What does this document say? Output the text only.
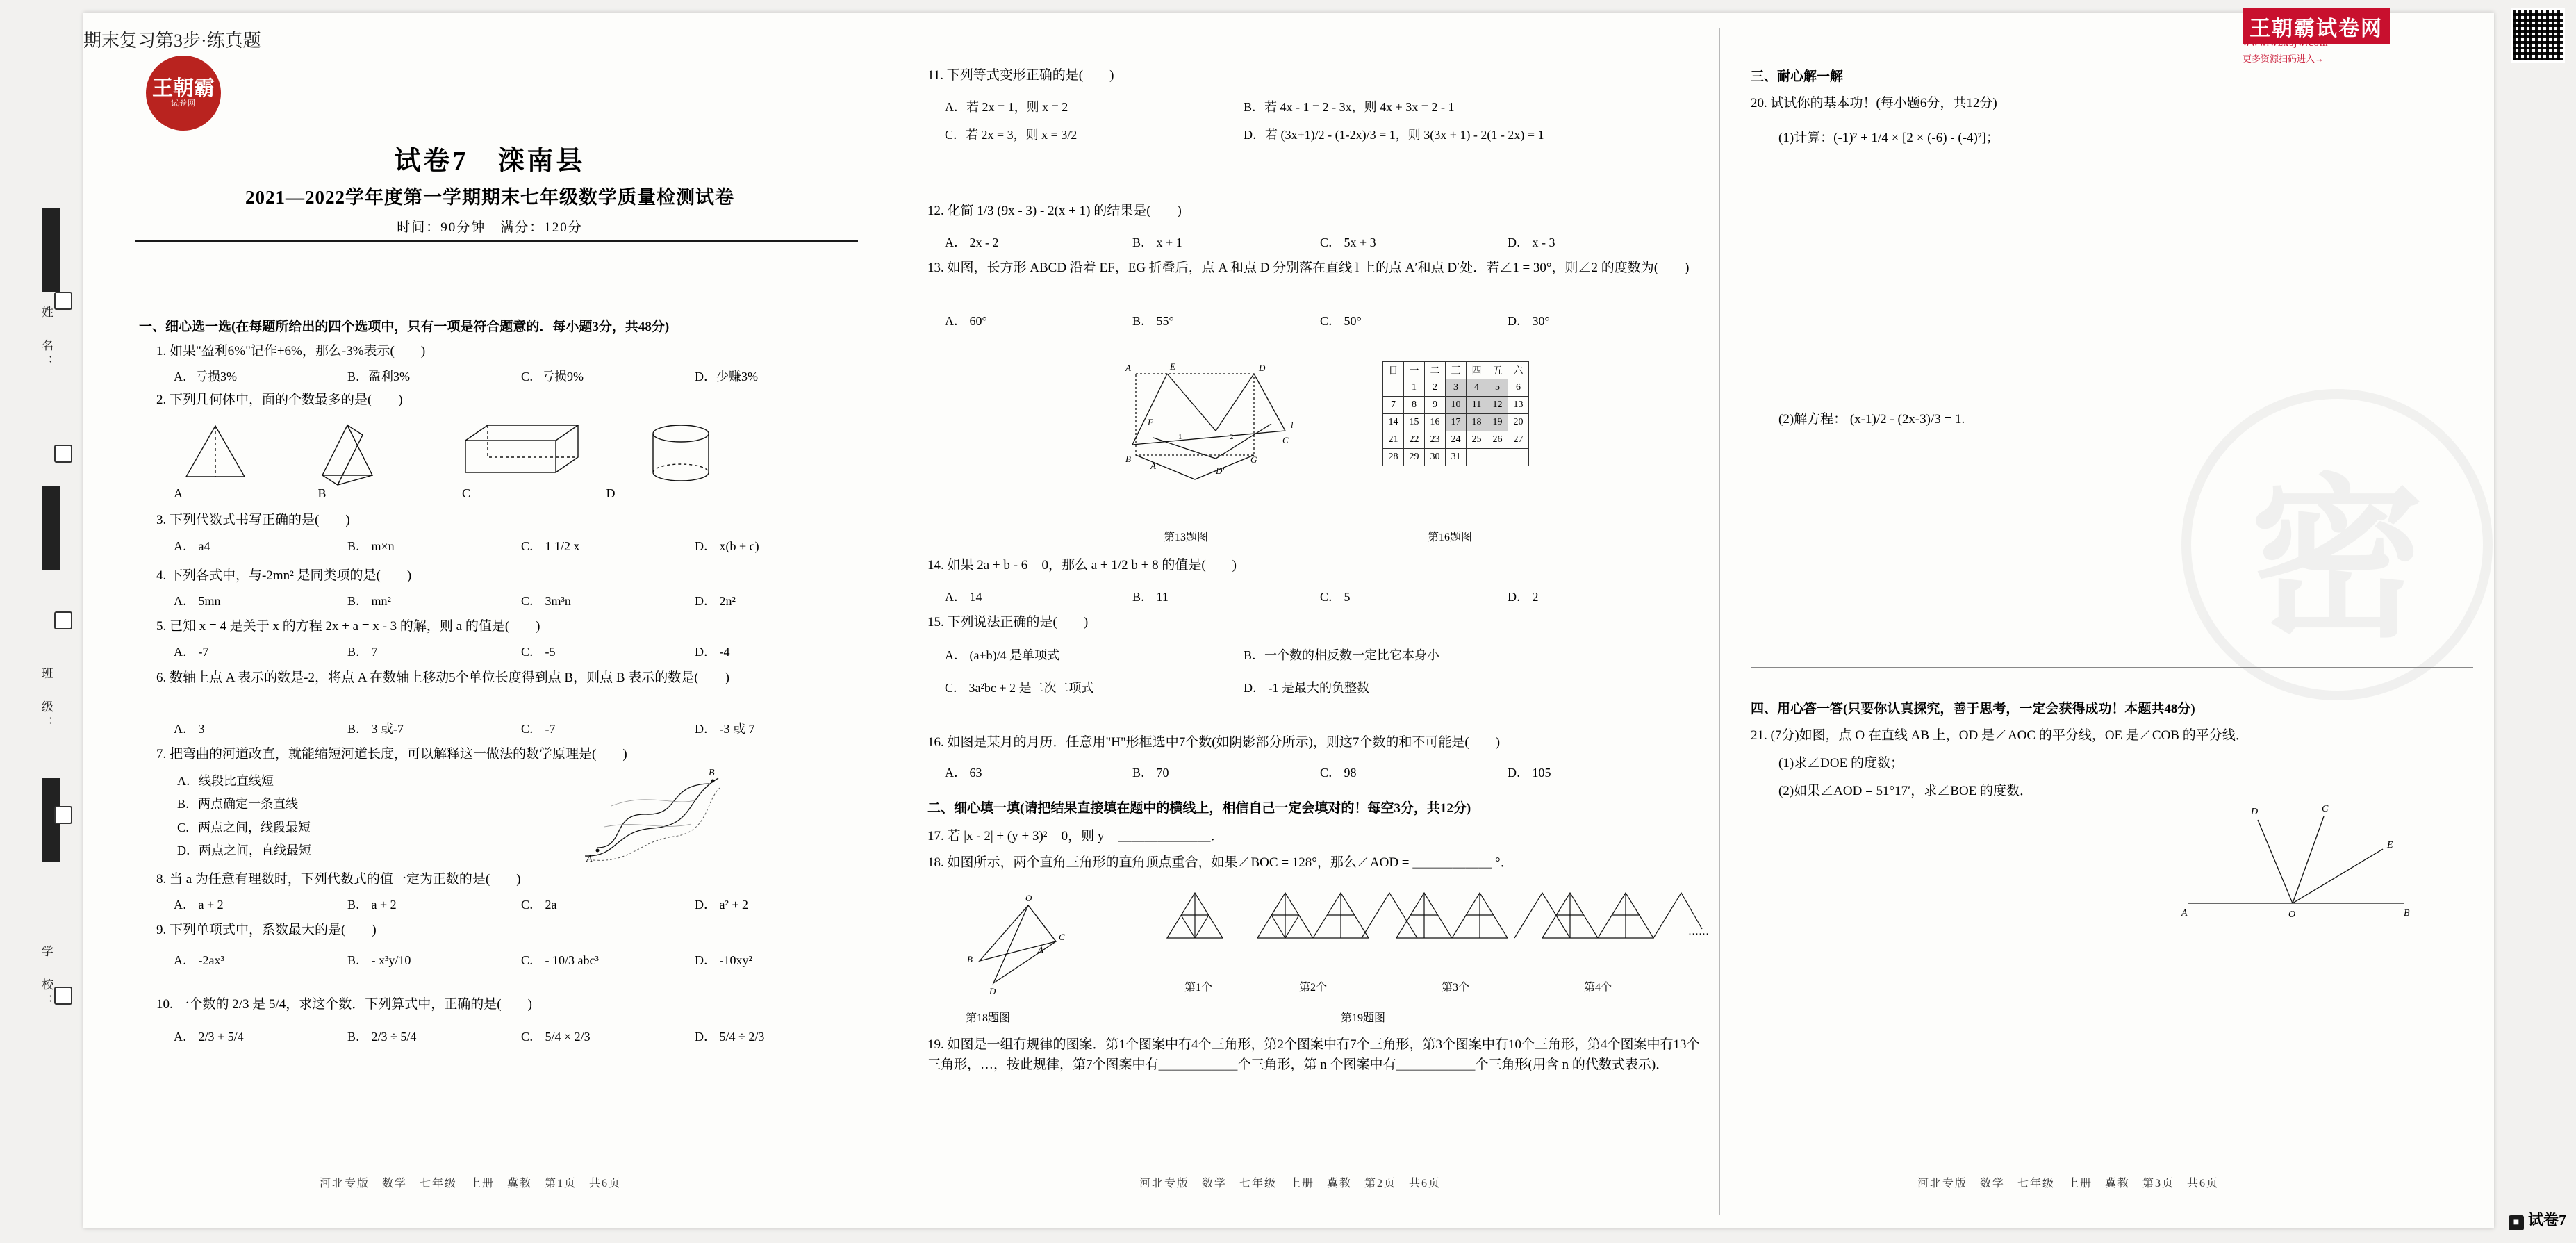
姓 名：
班 级：
学 校：
王朝霸试卷网
www.wzxsjw.com
更多资源扫码进入→
王朝霸
试卷网
期末复习第3步·练真题
试卷7　滦南县
2021—2022学年度第一学期期末七年级数学质量检测试卷
时间：90分钟　满分：120分
一、细心选一选(在每题所给出的四个选项中，只有一项是符合题意的．每小题3分，共48分)
1. 如果"盈利6%"记作+6%，那么-3%表示(　　)
A．亏损3%	B．盈利3%	C．亏损9%	D．少赚3%
2. 下列几何体中，面的个数最多的是(　　)
A	B	C	D
3. 下列代数式书写正确的是(　　)
A． a4	B． m×n	C． 1 1/2 x	D． x(b + c)
4. 下列各式中，与-2mn² 是同类项的是(　　)
A． 5mn	B． mn²	C． 3m³n	D． 2n²
5. 已知 x = 4 是关于 x 的方程 2x + a = x - 3 的解，则 a 的值是(　　)
A． -7	B． 7	C． -5	D． -4
6. 数轴上点 A 表示的数是-2，将点 A 在数轴上移动5个单位长度得到点 B，则点 B 表示的数是(　　)
A． 3	B． 3 或-7	C． -7	D． -3 或 7
7. 把弯曲的河道改直，就能缩短河道长度，可以解释这一做法的数学原理是(　　)
A．线段比直线短
B．两点确定一条直线
C．两点之间，线段最短
D．两点之间，直线最短
B
A
8. 当 a 为任意有理数时，下列代数式的值一定为正数的是(　　)
A． a + 2	B． a + 2	C． 2a	D． a² + 2
9. 下列单项式中，系数最大的是(　　)
A． -2ax³	B． - x³y/10	C． - 10/3 abc³	D． -10xy²
10. 一个数的 2/3 是 5/4，求这个数．下列算式中，正确的是(　　)
A． 2/3 + 5/4	B． 2/3 ÷ 5/4	C． 5/4 × 2/3	D． 5/4 ÷ 2/3
河北专版　数学　七年级　上册　冀教　第1页　共6页
11. 下列等式变形正确的是(　　)
A．若 2x = 1，则 x = 2	B．若 4x - 1 = 2 - 3x，则 4x + 3x = 2 - 1
C．若 2x = 3，则 x = 3/2	D．若 (3x+1)/2 - (1-2x)/3 = 1，则 3(3x + 1) - 2(1 - 2x) = 1
12. 化简 1/3 (9x - 3) - 2(x + 1) 的结果是(　　)
A． 2x - 2	B． x + 1	C． 5x + 3	D． x - 3
13. 如图，长方形 ABCD 沿着 EF，EG 折叠后，点 A 和点 D 分别落在直线 l 上的点 A′和点 D′处．若∠1 = 30°，则∠2 的度数为(　　)
A． 60°	B． 55°	C． 50°	D． 30°
A	E	D
F
B
A′	D′
G
C
1	2
l
第13题图
日	一	二	三	四	五	六
	1	2	3	4	5	6
7	8	9	10	11	12	13
14	15	16	17	18	19	20
21	22	23	24	25	26	27
28	29	30	31			
第16题图
14. 如果 2a + b - 6 = 0，那么 a + 1/2 b + 8 的值是(　　)
A． 14	B． 11	C． 5	D． 2
15. 下列说法正确的是(　　)
A． (a+b)/4 是单项式	B．一个数的相反数一定比它本身小
C． 3a²bc + 2 是二次二项式	D． -1 是最大的负整数
16. 如图是某月的月历．任意用"H"形框选中7个数(如阴影部分所示)，则这7个数的和不可能是(　　)
A． 63	B． 70	C． 98	D． 105
二、细心填一填(请把结果直接填在题中的横线上，相信自己一定会填对的！每空3分，共12分)
17. 若 |x - 2| + (y + 3)² = 0，则 y = ＿＿＿＿＿＿＿．
18. 如图所示，两个直角三角形的直角顶点重合，如果∠BOC = 128°，那么∠AOD = ＿＿＿＿＿＿ °．
O
C
A
B
D
第18题图
……
第1个	第2个	第3个	第4个
第19题图
19. 如图是一组有规律的图案．第1个图案中有4个三角形，第2个图案中有7个三角形，第3个图案中有10个三角形，第4个图案中有13个三角形，…，按此规律，第7个图案中有＿＿＿＿＿＿个三角形，第 n 个图案中有＿＿＿＿＿＿个三角形(用含 n 的代数式表示)．
河北专版　数学　七年级　上册　冀教　第2页　共6页
密
三、耐心解一解
20. 试试你的基本功！(每小题6分，共12分)
(1)计算：(-1)² + 1/4 × [2 × (-6) - (-4)²]；
(2)解方程： (x-1)/2 - (2x-3)/3 = 1.
四、用心答一答(只要你认真探究，善于思考，一定会获得成功！本题共48分)
21. (7分)如图，点 O 在直线 AB 上，OD 是∠AOC 的平分线，OE 是∠COB 的平分线．
(1)求∠DOE 的度数；
(2)如果∠AOD = 51°17′，求∠BOE 的度数．
D	C
E
A	O	B
河北专版　数学　七年级　上册　冀教　第3页　共6页
■ 试卷7
